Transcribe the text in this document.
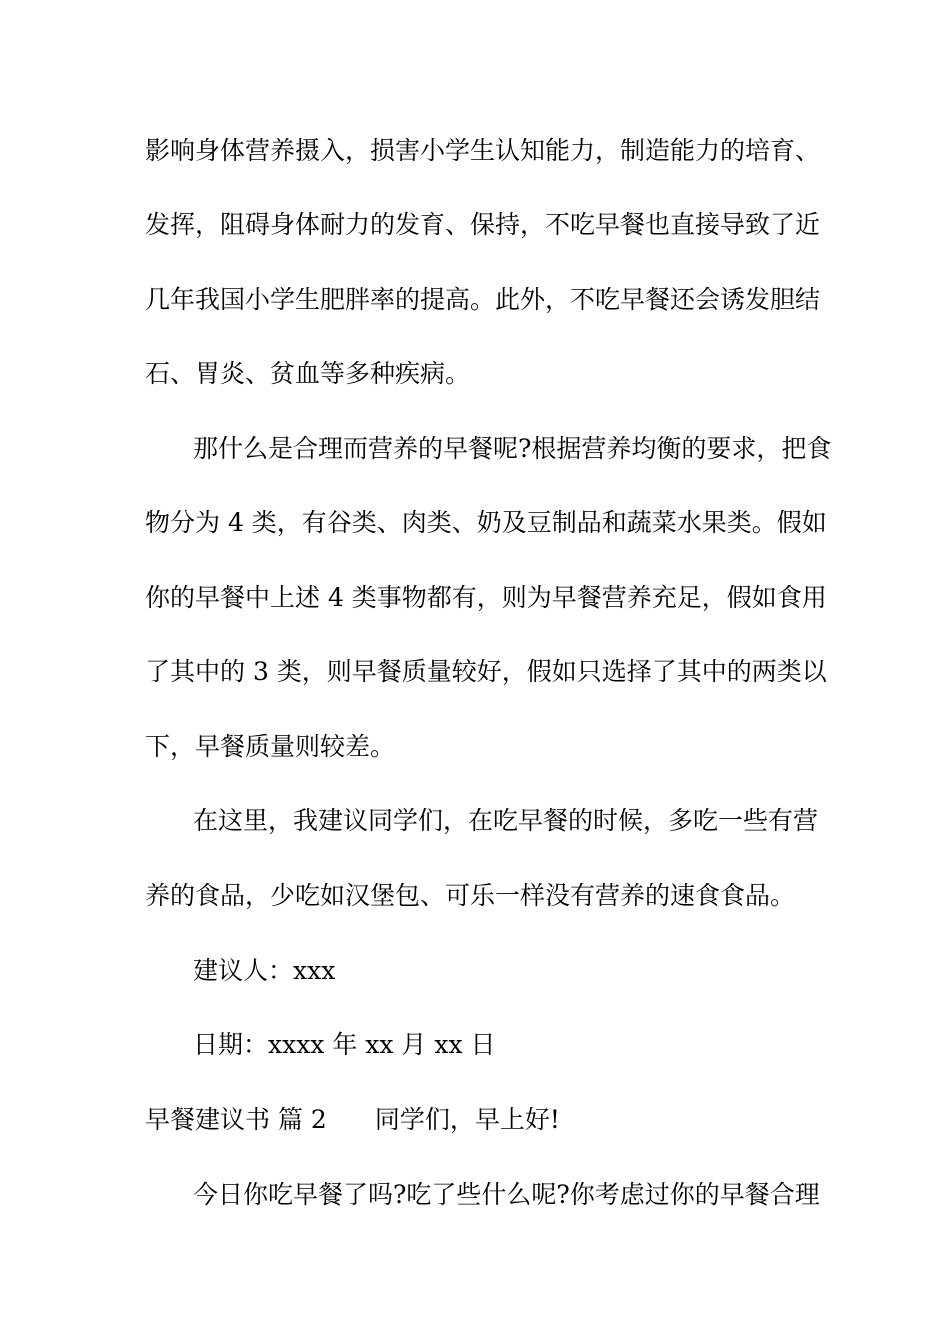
影响身体营养摄入，损害小学生认知能力，制造能力的培育、
发挥，阻碍身体耐力的发育、保持，不吃早餐也直接导致了近
几年我国小学生肥胖率的提高。此外，不吃早餐还会诱发胆结
石、胃炎、贫血等多种疾病。
那什么是合理而营养的早餐呢?根据营养均衡的要求，把食
物分为 4 类，有谷类、肉类、奶及豆制品和蔬菜水果类。假如
你的早餐中上述 4 类事物都有，则为早餐营养充足，假如食用
了其中的 3 类，则早餐质量较好，假如只选择了其中的两类以
下，早餐质量则较差。
在这里，我建议同学们，在吃早餐的时候，多吃一些有营
养的食品，少吃如汉堡包、可乐一样没有营养的速食食品。
建议人：xxx
日期：xxxx 年 xx 月 xx 日
早餐建议书 篇 2 同学们，早上好!
今日你吃早餐了吗?吃了些什么呢?你考虑过你的早餐合理
